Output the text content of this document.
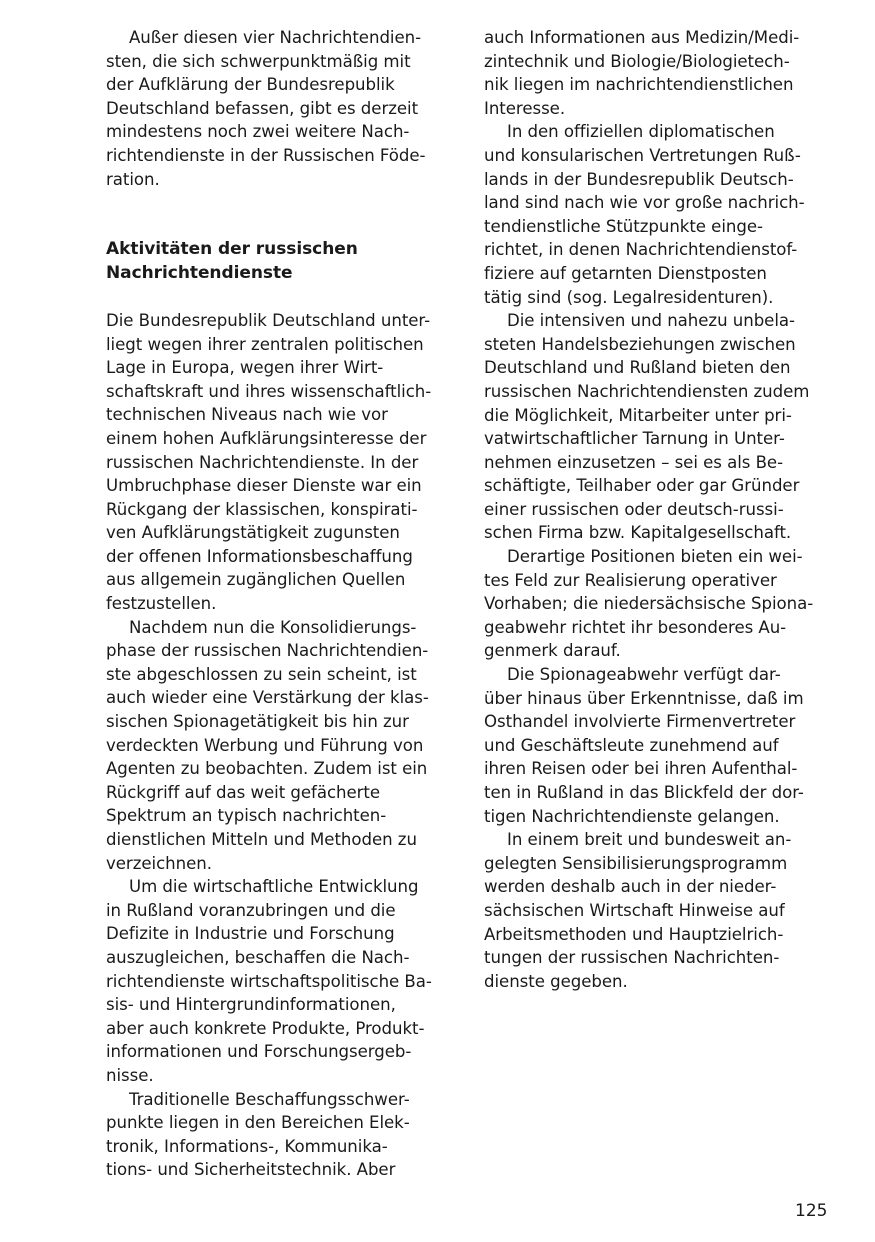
Außer diesen vier Nachrichtendien-
sten, die sich schwerpunktmäßig mit
der Aufklärung der Bundesrepublik
Deutschland befassen, gibt es derzeit
mindestens noch zwei weitere Nach-
richtendienste in der Russischen Föde-
ration.
Aktivitäten der russischen
Nachrichtendienste
Die Bundesrepublik Deutschland unter-
liegt wegen ihrer zentralen politischen
Lage in Europa, wegen ihrer Wirt-
schaftskraft und ihres wissenschaftlich-
technischen Niveaus nach wie vor
einem hohen Aufklärungsinteresse der
russischen Nachrichtendienste. In der
Umbruchphase dieser Dienste war ein
Rückgang der klassischen, konspirati-
ven Aufklärungstätigkeit zugunsten
der offenen Informationsbeschaffung
aus allgemein zugänglichen Quellen
festzustellen.
Nachdem nun die Konsolidierungs-
phase der russischen Nachrichtendien-
ste abgeschlossen zu sein scheint, ist
auch wieder eine Verstärkung der klas-
sischen Spionagetätigkeit bis hin zur
verdeckten Werbung und Führung von
Agenten zu beobachten. Zudem ist ein
Rückgriff auf das weit gefächerte
Spektrum an typisch nachrichten-
dienstlichen Mitteln und Methoden zu
verzeichnen.
Um die wirtschaftliche Entwicklung
in Rußland voranzubringen und die
Defizite in Industrie und Forschung
auszugleichen, beschaffen die Nach-
richtendienste wirtschaftspolitische Ba-
sis- und Hintergrundinformationen,
aber auch konkrete Produkte, Produkt-
informationen und Forschungsergeb-
nisse.
Traditionelle Beschaffungsschwer-
punkte liegen in den Bereichen Elek-
tronik, Informations-, Kommunika-
tions- und Sicherheitstechnik. Aber
auch Informationen aus Medizin/Medi-
zintechnik und Biologie/Biologietech-
nik liegen im nachrichtendienstlichen
Interesse.
In den offiziellen diplomatischen
und konsularischen Vertretungen Ruß-
lands in der Bundesrepublik Deutsch-
land sind nach wie vor große nachrich-
tendienstliche Stützpunkte einge-
richtet, in denen Nachrichtendienstof-
fiziere auf getarnten Dienstposten
tätig sind (sog. Legalresidenturen).
Die intensiven und nahezu unbela-
steten Handelsbeziehungen zwischen
Deutschland und Rußland bieten den
russischen Nachrichtendiensten zudem
die Möglichkeit, Mitarbeiter unter pri-
vatwirtschaftlicher Tarnung in Unter-
nehmen einzusetzen – sei es als Be-
schäftigte, Teilhaber oder gar Gründer
einer russischen oder deutsch-russi-
schen Firma bzw. Kapitalgesellschaft.
Derartige Positionen bieten ein wei-
tes Feld zur Realisierung operativer
Vorhaben; die niedersächsische Spiona-
geabwehr richtet ihr besonderes Au-
genmerk darauf.
Die Spionageabwehr verfügt dar-
über hinaus über Erkenntnisse, daß im
Osthandel involvierte Firmenvertreter
und Geschäftsleute zunehmend auf
ihren Reisen oder bei ihren Aufenthal-
ten in Rußland in das Blickfeld der dor-
tigen Nachrichtendienste gelangen.
In einem breit und bundesweit an-
gelegten Sensibilisierungsprogramm
werden deshalb auch in der nieder-
sächsischen Wirtschaft Hinweise auf
Arbeitsmethoden und Hauptzielrich-
tungen der russischen Nachrichten-
dienste gegeben.

125
